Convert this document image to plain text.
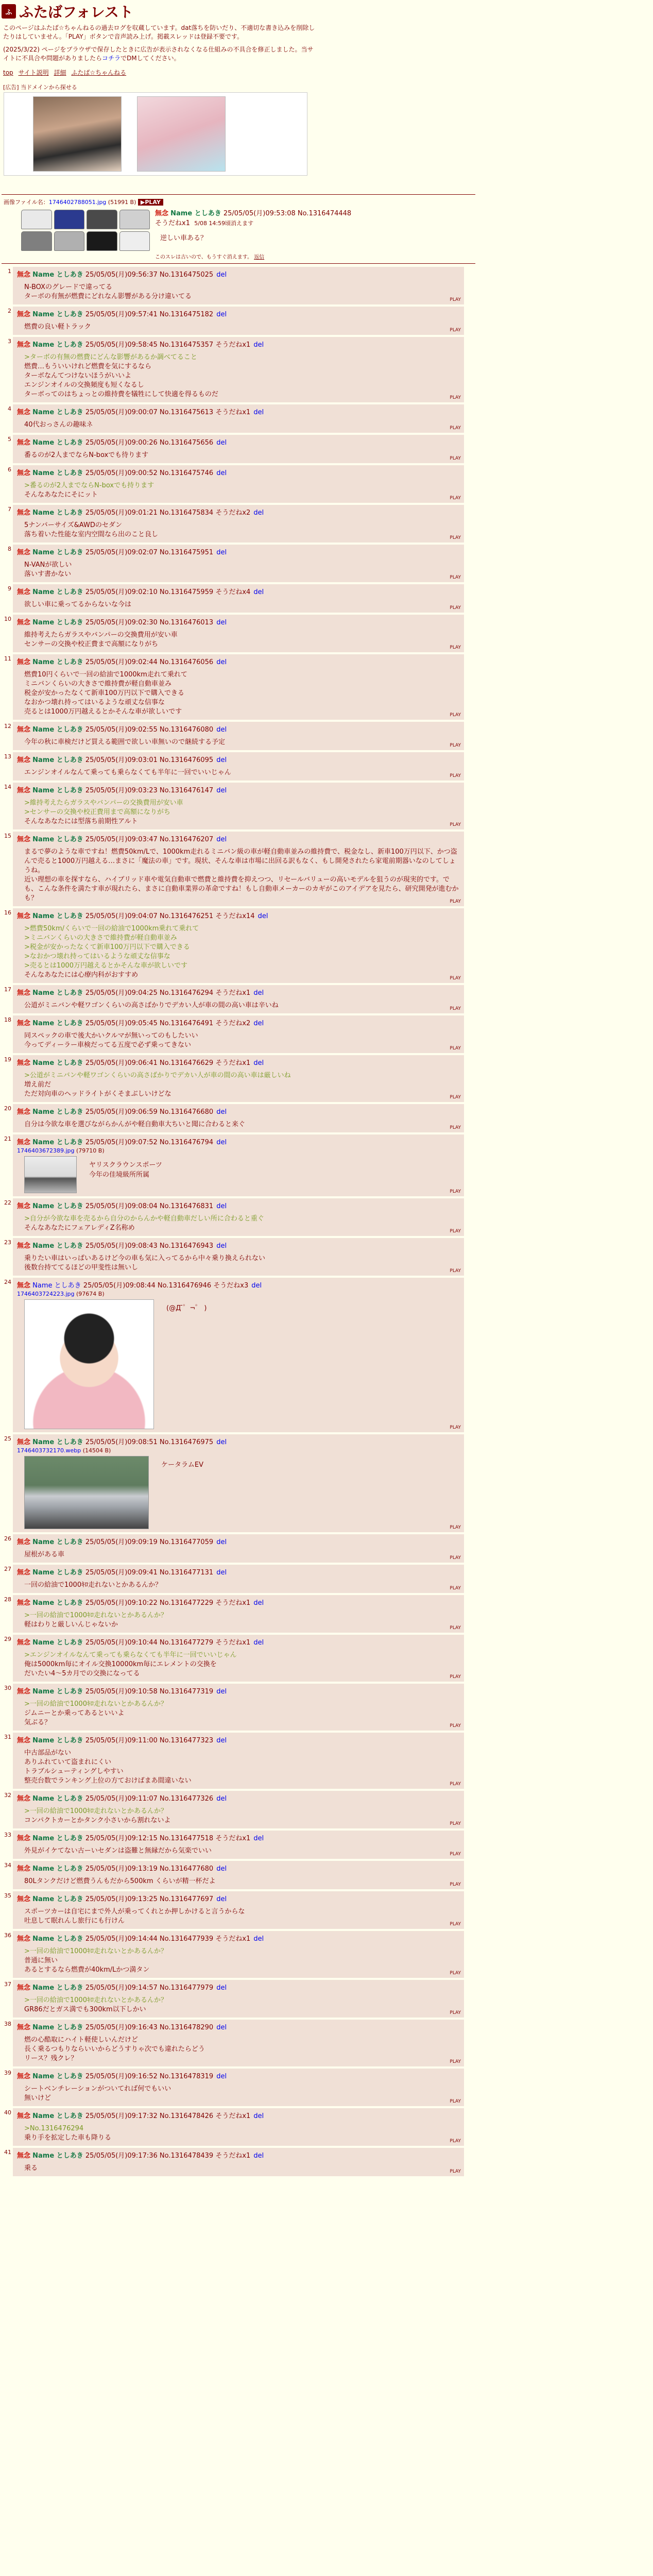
ふ ふたばフォレスト

このページはふたば☆ちゃんねるの過去ログを収蔵しています。dat落ちを防いだり、不適切な書き込みを削除したりはしていません。「PLAY」ボタンで音声読み上げ。掲載スレッドは登録不要です。

(2025/3/22) ページをブラウザで保存したときに広告が表示されなくなる仕組みの不具合を修正しました。当サイトに不具合や問題がありましたらコチラでDMしてください。

top サイト説明 詳細 ふたば☆ちゃんねる
[広告] 当ドメインから探せる
画像ファイル名：1746402788051.jpg (51991 B) ▶PLAY
無念 Name としあき 25/05/05(月)09:53:08 No.1316474448
そうだねx1 5/08 14:59頃消えます
逆しい車ある？
このスレは古いので、もうすぐ消えます。 返信
1 無念 Name としあき 25/05/05(月)09:56:37 No.1316475025 del
N-BOXのグレードで違ってる
ターボの有無が燃費にどれなん影響がある分け違いてる	PLAY
2 無念 Name としあき 25/05/05(月)09:57:41 No.1316475182 del
燃費の良い軽トラック	PLAY
3 無念 Name としあき 25/05/05(月)09:58:45 No.1316475357 そうだねx1 del
>ターボの有無の燃費にどんな影響があるか調べてること
燃費…もういいけれど燃費を気にするなら
ターボなんてつけないほうがいいよ
エンジンオイルの交換頻度も短くなるし
ターボってのはちょっとの維持費を犠牲にして快適を得るものだ	PLAY
4 無念 Name としあき 25/05/05(月)09:00:07 No.1316475613 そうだねx1 del
40代おっさんの趣味ネ	PLAY
5 無念 Name としあき 25/05/05(月)09:00:26 No.1316475656 del
番るのが2人までならN-boxでも待ります	PLAY
6 無念 Name としあき 25/05/05(月)09:00:52 No.1316475746 del
>番るのが2人までならN-boxでも持ります
そんなあなたにそにット	PLAY
7 無念 Name としあき 25/05/05(月)09:01:21 No.1316475834 そうだねx2 del
5ナンバーサイズ&AWDのセダン
落ち着いた性能な室内空間なら出のこと良し	PLAY
8 無念 Name としあき 25/05/05(月)09:02:07 No.1316475951 del
N-VANが欲しい
落いす書かない	PLAY
9 無念 Name としあき 25/05/05(月)09:02:10 No.1316475959 そうだねx4 del
欲しい車に乗ってるからないな今は	PLAY
10 無念 Name としあき 25/05/05(月)09:02:30 No.1316476013 del
維持考えたらガラスやバンパーの交換費用が安い車
センサーの交換や校正費まで高額になりがち	PLAY
11 無念 Name としあき 25/05/05(月)09:02:44 No.1316476056 del
燃費10円くらいで一回の給油で1000km走れて乗れて
ミニバンくらいの大きさで維持費が軽自動車並み
税金が安かったなくて新車100万円以下で購入できる
なおかつ壊れ持ってはいるような頑丈な信事な
売るとは1000万円越えるとかそんな車が欲しいです	PLAY
12 無念 Name としあき 25/05/05(月)09:02:55 No.1316476080 del
今年の秋に車検だけど買える範囲で欲しい車無いので継続する予定	PLAY
13 無念 Name としあき 25/05/05(月)09:03:01 No.1316476095 del
エンジンオイルなんて乗っても乗らなくても半年に一回でいいじゃん	PLAY
14 無念 Name としあき 25/05/05(月)09:03:23 No.1316476147 del
>維持考えたらガラスやバンパーの交換費用が安い車
>センサーの交換や校正費用まで高額になりがち
そんなあなたには型落ち前期性アルト	PLAY
15 無念 Name としあき 25/05/05(月)09:03:47 No.1316476207 del
まるで夢のような車ですね！燃費50km/Lで、1000km走れるミニバン級の車が軽自動車並みの維持費で、税金なし、新車100万円以下、かつ盗んで売ると1000万円越える…まさに「魔法の車」です。現状、そんな車は市場に出回る訳もなく、もし開発されたら家電前期器いなのしてしょうね。
近い理想の車を探すなら、ハイブリッド車や電気自動車で燃費と維持費を抑えつつ、リセールバリューの高いモデルを狙うのが現実的です。でも、こんな条件を満たす車が現れたら、まさに自動車業界の革命ですね！もし自動車メーカーのカギがこのアイデアを見たら、研究開発が進むかも？	PLAY
16 無念 Name としあき 25/05/05(月)09:04:07 No.1316476251 そうだねx14 del
>燃費50km/くらいで一回の給油で1000km乗れて乗れて
>ミニバンくらいの大きさで維持費が軽自動車並み
>税金が安かったなくて新車100万円以下で購入できる
>なおかつ壊れ持ってはいるような頑丈な信事な
>売るとは1000万円越えるとかそんな車が欲しいです
そんなあなたには心療内科がおすすめ	PLAY
17 無念 Name としあき 25/05/05(月)09:04:25 No.1316476294 そうだねx1 del
公道がミニバンや軽ワゴンくらいの高さばかりでデカい人が車の間の高い車は辛いね	PLAY
18 無念 Name としあき 25/05/05(月)09:05:45 No.1316476491 そうだねx2 del
同スペックの車で後大かいクルマが無いってのもしたいい
今ってディーラー車検だってる五度で必ず乗ってきない	PLAY
19 無念 Name としあき 25/05/05(月)09:06:41 No.1316476629 そうだねx1 del
>公道がミニバンや軽ワゴンくらいの高さばかりでデカい人が車の間の高い車は厳しいね
増え前だ
ただ対向車のヘッドライトがくそまぶしいけどな	PLAY
20 無念 Name としあき 25/05/05(月)09:06:59 No.1316476680 del
自分は今欲な車を選びながらかんがや軽自動車大ちいと聞に合わると来ぐ	PLAY
21 無念 Name としあき 25/05/05(月)09:07:52 No.1316476794 del
1746403672389.jpg (79710 B)
ヤリスクラウンスポーツ
今年の佳境級所所属
PLAY
22 無念 Name としあき 25/05/05(月)09:08:04 No.1316476831 del
>自分が今欲な車を売るから自分のからんかや軽自動車だしい所に合わると重ぐ
そんなあなたにフェアレディZ名称め	PLAY
23 無念 Name としあき 25/05/05(月)09:08:43 No.1316476943 del
乗りたい車はいっぱいあるけど今の車も気に入ってるから中々乗り換えられない
後数台持ててるほどの甲斐性は無いし	PLAY
24 無念 Name としあき 25/05/05(月)09:08:44 No.1316476946 そうだねx3 del
1746403724223.jpg (97674 B)
(@Д ̄゜¬゜ )　
PLAY
25 無念 Name としあき 25/05/05(月)09:08:51 No.1316476975 del
1746403732170.webp (14504 B)
ケータラムEV
PLAY
26 無念 Name としあき 25/05/05(月)09:09:19 No.1316477059 del
屋根がある車	PLAY
27 無念 Name としあき 25/05/05(月)09:09:41 No.1316477131 del
一回の給油で1000ｷﾛ走れないとかあるんか？	PLAY
28 無念 Name としあき 25/05/05(月)09:10:22 No.1316477229 そうだねx1 del
>一回の給油で1000ｷﾛ走れないとかあるんか？
軽はわりと厳しいんじゃないか	PLAY
29 無念 Name としあき 25/05/05(月)09:10:44 No.1316477279 そうだねx1 del
>エンジンオイルなんて乗っても乗らなくても半年に一回でいいじゃん
俺は5000km毎にオイル交換10000km毎にエレメントの交換を
だいたい4～5カ月での交換になってる	PLAY
30 無念 Name としあき 25/05/05(月)09:10:58 No.1316477319 del
>一回の給油で1000ｷﾛ走れないとかあるんか？
ジムニーとか乗ってあるといいよ
気ぶる？	PLAY
31 無念 Name としあき 25/05/05(月)09:11:00 No.1316477323 del
中古部品がない
ありふれていて盗まれにくい
トラブルシューティングしやすい
整売台数でランキング上位の方ておけばまあ間違いない	PLAY
32 無念 Name としあき 25/05/05(月)09:11:07 No.1316477326 del
>一回の給油で1000ｷﾛ走れないとかあるんか？
コンパクトカーとかタンク小さいから割れないよ	PLAY
33 無念 Name としあき 25/05/05(月)09:12:15 No.1316477518 そうだねx1 del
外見がイケてない古ーいセダンは盗難と無縁だから気楽でいい	PLAY
34 無念 Name としあき 25/05/05(月)09:13:19 No.1316477680 del
80Lタンクだけど燃費うんもだから500km くらいが精一杯だよ	PLAY
35 無念 Name としあき 25/05/05(月)09:13:25 No.1316477697 del
スポーツカーは自宅にまで外人が乗ってくれとか押しかけると言うからな
吐息して眠れんし旅行にも行けん	PLAY
36 無念 Name としあき 25/05/05(月)09:14:44 No.1316477939 そうだねx1 del
>一回の給油で1000ｷﾛ走れないとかあるんか？
普通に無い
あるとするなら燃費が40km/Lかつ満タン	PLAY
37 無念 Name としあき 25/05/05(月)09:14:57 No.1316477979 del
>一回の給油で1000ｷﾛ走れないとかあるんか？
GR86だとガス満でも300km以下しかい	PLAY
38 無念 Name としあき 25/05/05(月)09:16:43 No.1316478290 del
燃の心酷取にハイト軽使しいんだけど
長く乗るつもりならいいからどうすりゃ次でも違れたらどう
リース？残クレ？	PLAY
39 無念 Name としあき 25/05/05(月)09:16:52 No.1316478319 del
シートベンチレーションがついてれば何でもいい
無いけど	PLAY
40 無念 Name としあき 25/05/05(月)09:17:32 No.1316478426 そうだねx1 del
>No.1316476294
乗り手を拡定した車も降りる	PLAY
41 無念 Name としあき 25/05/05(月)09:17:36 No.1316478439 そうだねx1 del
乗る	PLAY
